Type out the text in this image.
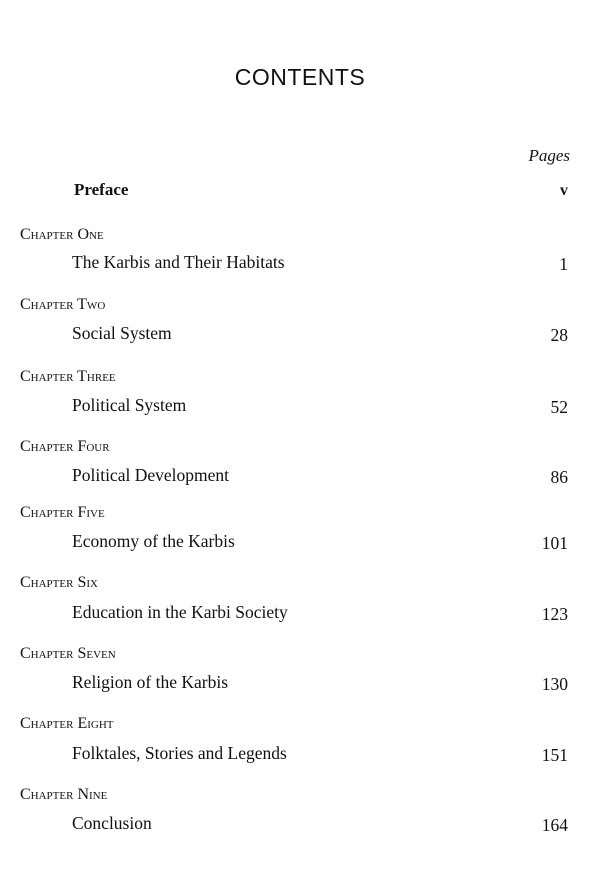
CONTENTS
Pages
Preface	v
Chapter One
The Karbis and Their Habitats	1
Chapter Two
Social System	28
Chapter Three
Political System	52
Chapter Four
Political Development	86
Chapter Five
Economy of the Karbis	101
Chapter Six
Education in the Karbi Society	123
Chapter Seven
Religion of the Karbis	130
Chapter Eight
Folktales, Stories and Legends	151
Chapter Nine
Conclusion	164
